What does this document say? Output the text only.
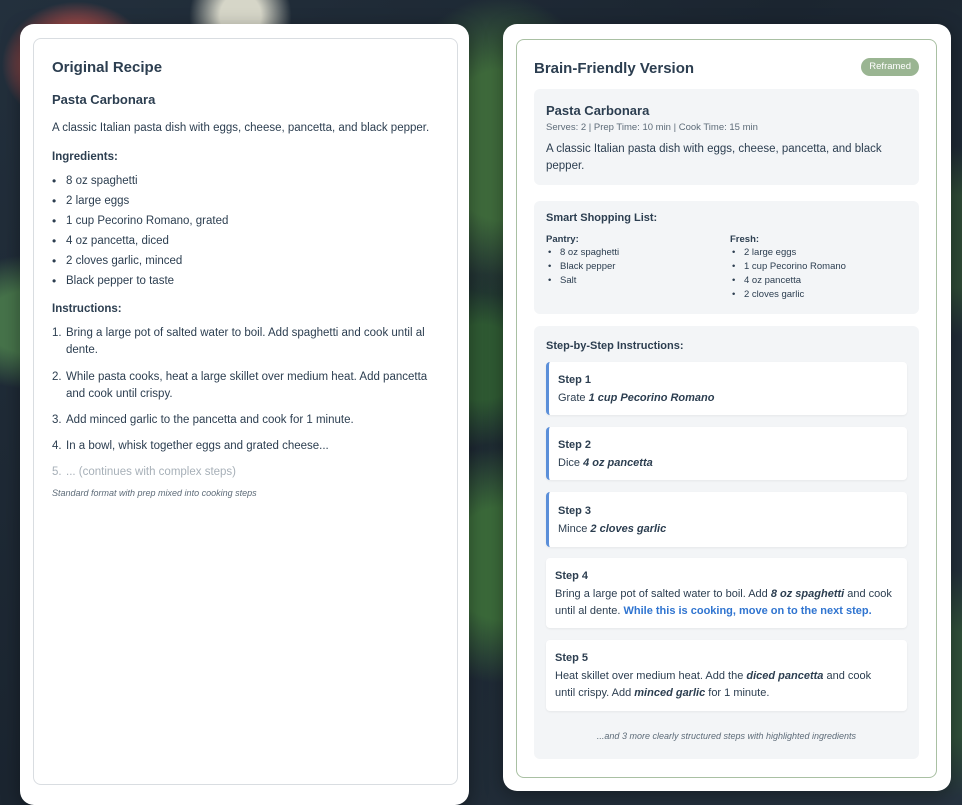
Original Recipe
Pasta Carbonara
A classic Italian pasta dish with eggs, cheese, pancetta, and black pepper.
Ingredients:
• 8 oz spaghetti
• 2 large eggs
• 1 cup Pecorino Romano, grated
• 4 oz pancetta, diced
• 2 cloves garlic, minced
• Black pepper to taste
Instructions:
1. Bring a large pot of salted water to boil. Add spaghetti and cook until al dente.
2. While pasta cooks, heat a large skillet over medium heat. Add pancetta and cook until crispy.
3. Add minced garlic to the pancetta and cook for 1 minute.
4. In a bowl, whisk together eggs and grated cheese...
5. ... (continues with complex steps)
Standard format with prep mixed into cooking steps
Brain-Friendly Version	Reframed
Pasta Carbonara
Serves: 2 | Prep Time: 10 min | Cook Time: 15 min
A classic Italian pasta dish with eggs, cheese, pancetta, and black pepper.
Smart Shopping List:
Pantry:
• 8 oz spaghetti
• Black pepper
• Salt
Fresh:
• 2 large eggs
• 1 cup Pecorino Romano
• 4 oz pancetta
• 2 cloves garlic
Step-by-Step Instructions:
Step 1
Grate 1 cup Pecorino Romano
Step 2
Dice 4 oz pancetta
Step 3
Mince 2 cloves garlic
Step 4
Bring a large pot of salted water to boil. Add 8 oz spaghetti and cook until al dente. While this is cooking, move on to the next step.
Step 5
Heat skillet over medium heat. Add the diced pancetta and cook until crispy. Add minced garlic for 1 minute.
...and 3 more clearly structured steps with highlighted ingredients
